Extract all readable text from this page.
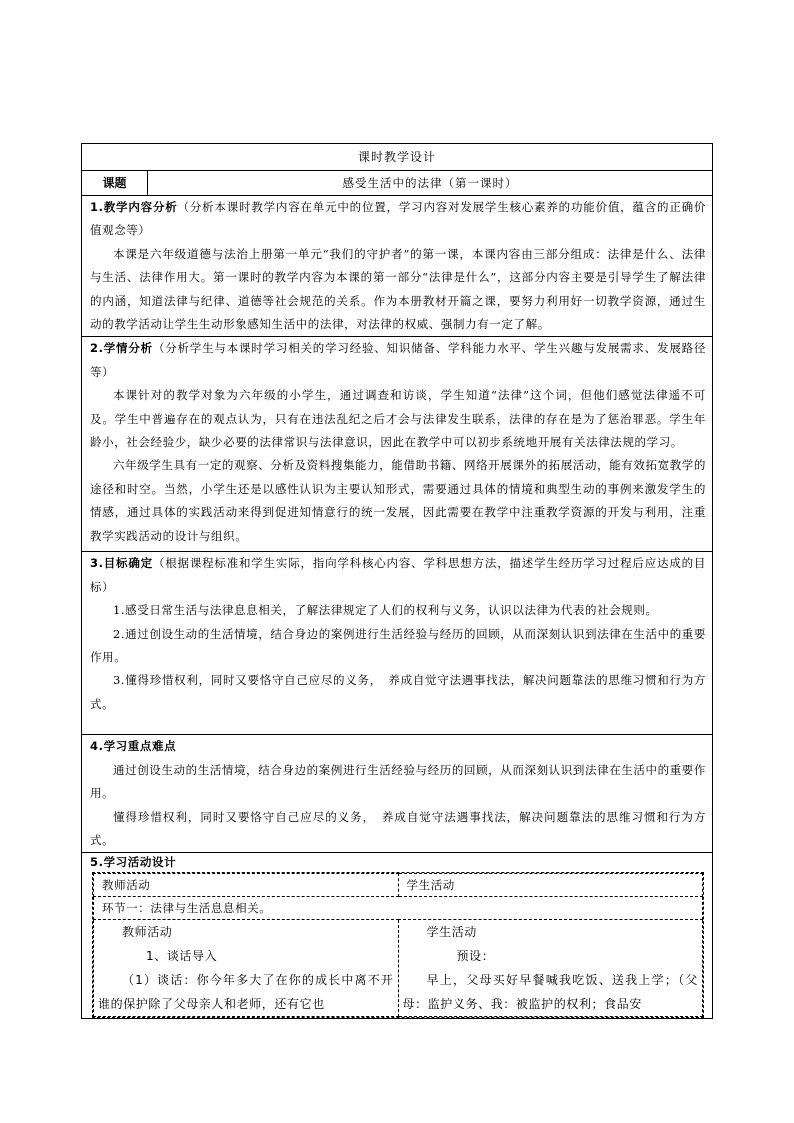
课时教学设计
课题	感受生活中的法律（第一课时）

1.教学内容分析（分析本课时教学内容在单元中的位置，学习内容对发展学生核心素养的功能价值，蕴含的正确价值观念等）

本课是六年级道德与法治上册第一单元“我们的守护者”的第一课，本课内容由三部分组成：法律是什么、法律与生活、法律作用大。第一课时的教学内容为本课的第一部分“法律是什么”，这部分内容主要是引导学生了解法律的内涵，知道法律与纪律、道德等社会规范的关系。作为本册教材开篇之课，要努力利用好一切教学资源，通过生动的教学活动让学生生动形象感知生活中的法律，对法律的权威、强制力有一定了解。

2.学情分析（分析学生与本课时学习相关的学习经验、知识储备、学科能力水平、学生兴趣与发展需求、发展路径等）

本课针对的教学对象为六年级的小学生，通过调查和访谈，学生知道“法律”这个词，但他们感觉法律遥不可及。学生中普遍存在的观点认为，只有在违法乱纪之后才会与法律发生联系，法律的存在是为了惩治罪恶。学生年龄小，社会经验少，缺少必要的法律常识与法律意识，因此在教学中可以初步系统地开展有关法律法规的学习。

六年级学生具有一定的观察、分析及资料搜集能力，能借助书籍、网络开展课外的拓展活动，能有效拓宽教学的途径和时空。当然，小学生还是以感性认识为主要认知形式，需要通过具体的情境和典型生动的事例来激发学生的情感，通过具体的实践活动来得到促进知情意行的统一发展，因此需要在教学中注重教学资源的开发与利用，注重教学实践活动的设计与组织。

3.目标确定（根据课程标准和学生实际，指向学科核心内容、学科思想方法，描述学生经历学习过程后应达成的目标）

1.感受日常生活与法律息息相关，了解法律规定了人们的权利与义务，认识以法律为代表的社会规则。

2.通过创设生动的生活情境，结合身边的案例进行生活经验与经历的回顾，从而深刻认识到法律在生活中的重要作用。

3.懂得珍惜权利，同时又要恪守自己应尽的义务，　养成自觉守法遇事找法，解决问题靠法的思维习惯和行为方式。

4.学习重点难点

通过创设生动的生活情境，结合身边的案例进行生活经验与经历的回顾，从而深刻认识到法律在生活中的重要作用。

懂得珍惜权利，同时又要恪守自己应尽的义务，　养成自觉守法遇事找法，解决问题靠法的思维习惯和行为方式。

5.学习活动设计

教师活动	学生活动
环节一：法律与生活息息相关。

教师活动

1、谈话导入

（1）谈话：你今年多大了在你的成长中离不开谁的保护除了父母亲人和老师，还有它也

学生活动

预设：

早上，父母买好早餐喊我吃饭、送我上学；（父母：监护义务、我：被监护的权利；食品安
